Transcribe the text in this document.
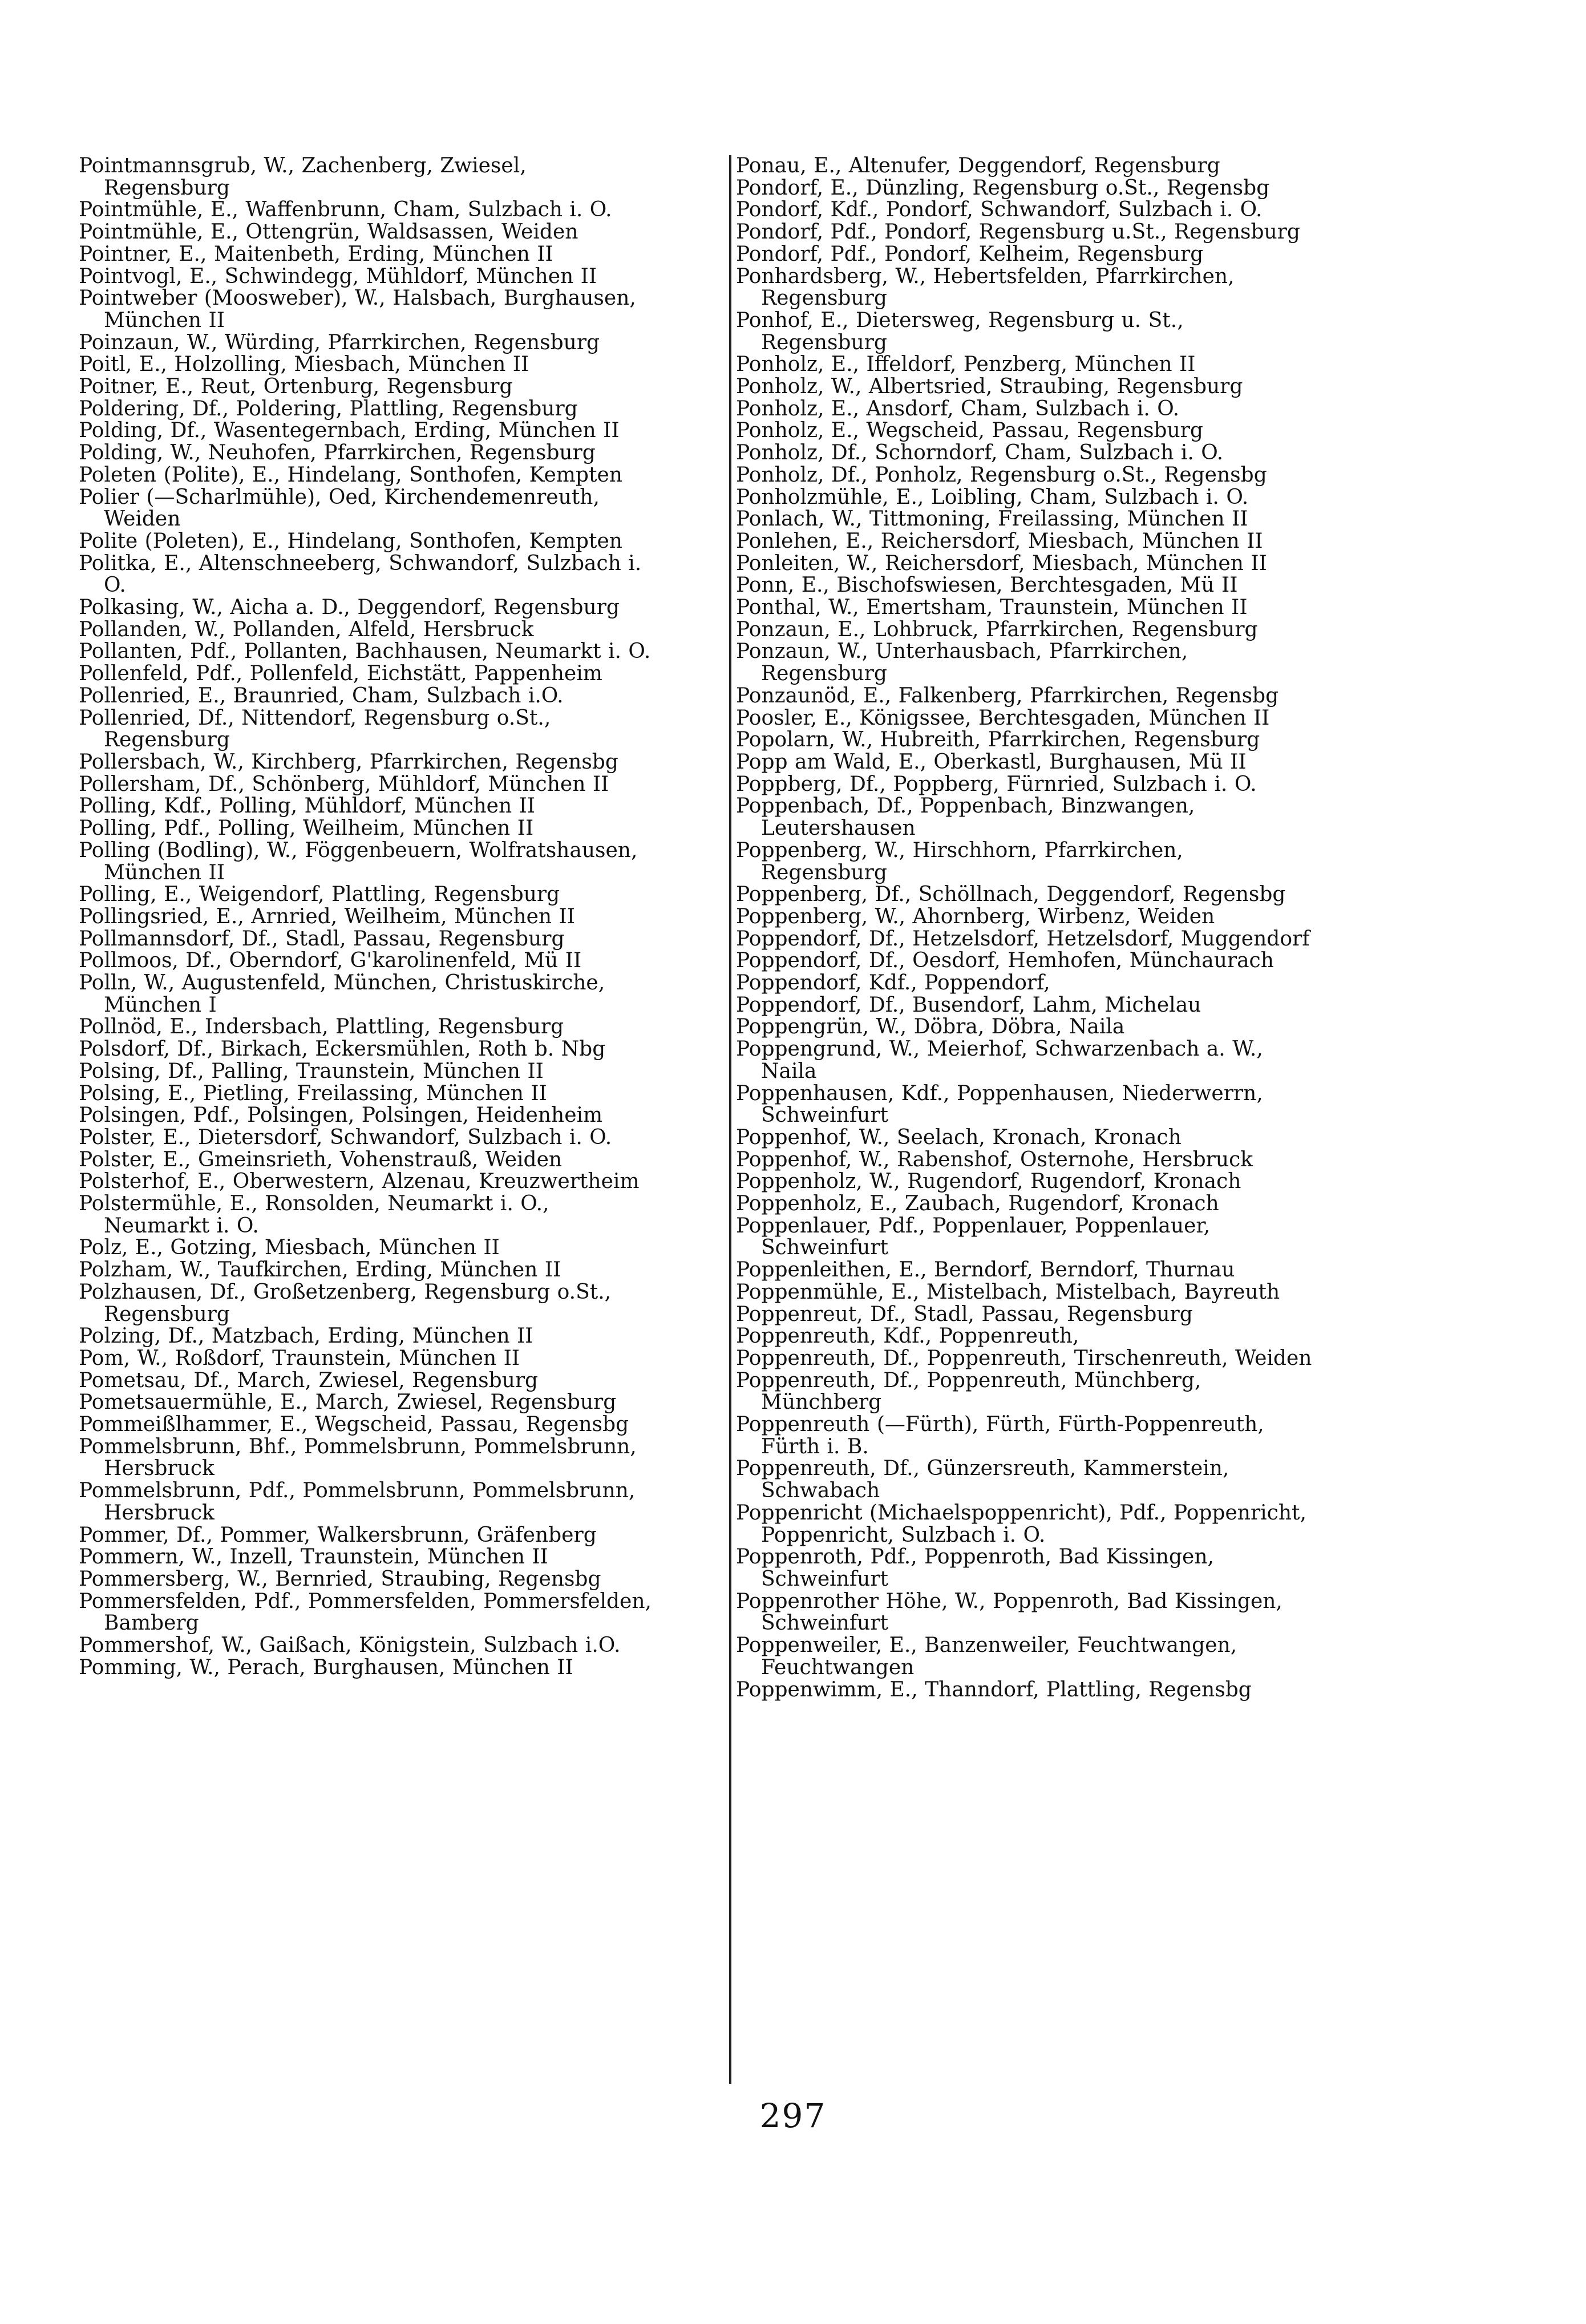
Pointmannsgrub, W., Zachenberg, Zwiesel, Regensburg
Pointmühle, E., Waffenbrunn, Cham, Sulzbach i. O.
Pointmühle, E., Ottengrün, Waldsassen, Weiden
Pointner, E., Maitenbeth, Erding, München II
Pointvogl, E., Schwindegg, Mühldorf, München II
Pointweber (Moosweber), W., Halsbach, Burghausen, München II
Poinzaun, W., Würding, Pfarrkirchen, Regensburg
Poitl, E., Holzolling, Miesbach, München II
Poitner, E., Reut, Ortenburg, Regensburg
Poldering, Df., Poldering, Plattling, Regensburg
Polding, Df., Wasentegernbach, Erding, München II
Polding, W., Neuhofen, Pfarrkirchen, Regensburg
Poleten (Polite), E., Hindelang, Sonthofen, Kempten
Polier (—Scharlmühle), Oed, Kirchendemenreuth, Weiden
Polite (Poleten), E., Hindelang, Sonthofen, Kempten
Politka, E., Altenschneeberg, Schwandorf, Sulzbach i. O.
Polkasing, W., Aicha a. D., Deggendorf, Regensburg
Pollanden, W., Pollanden, Alfeld, Hersbruck
Pollanten, Pdf., Pollanten, Bachhausen, Neumarkt i. O.
Pollenfeld, Pdf., Pollenfeld, Eichstätt, Pappenheim
Pollenried, E., Braunried, Cham, Sulzbach i.O.
Pollenried, Df., Nittendorf, Regensburg o.St., Regensburg
Pollersbach, W., Kirchberg, Pfarrkirchen, Regensbg
Pollersham, Df., Schönberg, Mühldorf, München II
Polling, Kdf., Polling, Mühldorf, München II
Polling, Pdf., Polling, Weilheim, München II
Polling (Bodling), W., Föggenbeuern, Wolfratshausen, München II
Polling, E., Weigendorf, Plattling, Regensburg
Pollingsried, E., Arnried, Weilheim, München II
Pollmannsdorf, Df., Stadl, Passau, Regensburg
Pollmoos, Df., Oberndorf, G'karolinenfeld, Mü II
Polln, W., Augustenfeld, München, Christuskirche, München I
Pollnöd, E., Indersbach, Plattling, Regensburg
Polsdorf, Df., Birkach, Eckersmühlen, Roth b. Nbg
Polsing, Df., Palling, Traunstein, München II
Polsing, E., Pietling, Freilassing, München II
Polsingen, Pdf., Polsingen, Polsingen, Heidenheim
Polster, E., Dietersdorf, Schwandorf, Sulzbach i. O.
Polster, E., Gmeinsrieth, Vohenstrauß, Weiden
Polsterhof, E., Oberwestern, Alzenau, Kreuzwertheim
Polstermühle, E., Ronsolden, Neumarkt i. O., Neumarkt i. O.
Polz, E., Gotzing, Miesbach, München II
Polzham, W., Taufkirchen, Erding, München II
Polzhausen, Df., Großetzenberg, Regensburg o.St., Regensburg
Polzing, Df., Matzbach, Erding, München II
Pom, W., Roßdorf, Traunstein, München II
Pometsau, Df., March, Zwiesel, Regensburg
Pometsauermühle, E., March, Zwiesel, Regensburg
Pommeißlhammer, E., Wegscheid, Passau, Regensbg
Pommelsbrunn, Bhf., Pommelsbrunn, Pommelsbrunn, Hersbruck
Pommelsbrunn, Pdf., Pommelsbrunn, Pommelsbrunn, Hersbruck
Pommer, Df., Pommer, Walkersbrunn, Gräfenberg
Pommern, W., Inzell, Traunstein, München II
Pommersberg, W., Bernried, Straubing, Regensbg
Pommersfelden, Pdf., Pommersfelden, Pommersfelden, Bamberg
Pommershof, W., Gaißach, Königstein, Sulzbach i.O.
Pomming, W., Perach, Burghausen, München II
Ponau, E., Altenufer, Deggendorf, Regensburg
Pondorf, E., Dünzling, Regensburg o.St., Regensbg
Pondorf, Kdf., Pondorf, Schwandorf, Sulzbach i. O.
Pondorf, Pdf., Pondorf, Regensburg u.St., Regensburg
Pondorf, Pdf., Pondorf, Kelheim, Regensburg
Ponhardsberg, W., Hebertsfelden, Pfarrkirchen, Regensburg
Ponhof, E., Dietersweg, Regensburg u. St., Regensburg
Ponholz, E., Iffeldorf, Penzberg, München II
Ponholz, W., Albertsried, Straubing, Regensburg
Ponholz, E., Ansdorf, Cham, Sulzbach i. O.
Ponholz, E., Wegscheid, Passau, Regensburg
Ponholz, Df., Schorndorf, Cham, Sulzbach i. O.
Ponholz, Df., Ponholz, Regensburg o.St., Regensbg
Ponholzmühle, E., Loibling, Cham, Sulzbach i. O.
Ponlach, W., Tittmoning, Freilassing, München II
Ponlehen, E., Reichersdorf, Miesbach, München II
Ponleiten, W., Reichersdorf, Miesbach, München II
Ponn, E., Bischofswiesen, Berchtesgaden, Mü II
Ponthal, W., Emertsham, Traunstein, München II
Ponzaun, E., Lohbruck, Pfarrkirchen, Regensburg
Ponzaun, W., Unterhausbach, Pfarrkirchen, Regensburg
Ponzaunöd, E., Falkenberg, Pfarrkirchen, Regensbg
Poosler, E., Königssee, Berchtesgaden, München II
Popolarn, W., Hubreith, Pfarrkirchen, Regensburg
Popp am Wald, E., Oberkastl, Burghausen, Mü II
Poppberg, Df., Poppberg, Fürnried, Sulzbach i. O.
Poppenbach, Df., Poppenbach, Binzwangen, Leutershausen
Poppenberg, W., Hirschhorn, Pfarrkirchen, Regensburg
Poppenberg, Df., Schöllnach, Deggendorf, Regensbg
Poppenberg, W., Ahornberg, Wirbenz, Weiden
Poppendorf, Df., Hetzelsdorf, Hetzelsdorf, Muggendorf
Poppendorf, Df., Oesdorf, Hemhofen, Münchaurach
Poppendorf, Kdf., Poppendorf,
Poppendorf, Df., Busendorf, Lahm, Michelau
Poppengrün, W., Döbra, Döbra, Naila
Poppengrund, W., Meierhof, Schwarzenbach a. W., Naila
Poppenhausen, Kdf., Poppenhausen, Niederwerrn, Schweinfurt
Poppenhof, W., Seelach, Kronach, Kronach
Poppenhof, W., Rabenshof, Osternohe, Hersbruck
Poppenholz, W., Rugendorf, Rugendorf, Kronach
Poppenholz, E., Zaubach, Rugendorf, Kronach
Poppenlauer, Pdf., Poppenlauer, Poppenlauer, Schweinfurt
Poppenleithen, E., Berndorf, Berndorf, Thurnau
Poppenmühle, E., Mistelbach, Mistelbach, Bayreuth
Poppenreut, Df., Stadl, Passau, Regensburg
Poppenreuth, Kdf., Poppenreuth,
Poppenreuth, Df., Poppenreuth, Tirschenreuth, Weiden
Poppenreuth, Df., Poppenreuth, Münchberg, Münchberg
Poppenreuth (—Fürth), Fürth, Fürth-Poppenreuth, Fürth i. B.
Poppenreuth, Df., Günzersreuth, Kammerstein, Schwabach
Poppenricht (Michaelspoppenricht), Pdf., Poppenricht, Poppenricht, Sulzbach i. O.
Poppenroth, Pdf., Poppenroth, Bad Kissingen, Schweinfurt
Poppenrother Höhe, W., Poppenroth, Bad Kissingen, Schweinfurt
Poppenweiler, E., Banzenweiler, Feuchtwangen, Feuchtwangen
Poppenwimm, E., Thanndorf, Plattling, Regensbg
297
